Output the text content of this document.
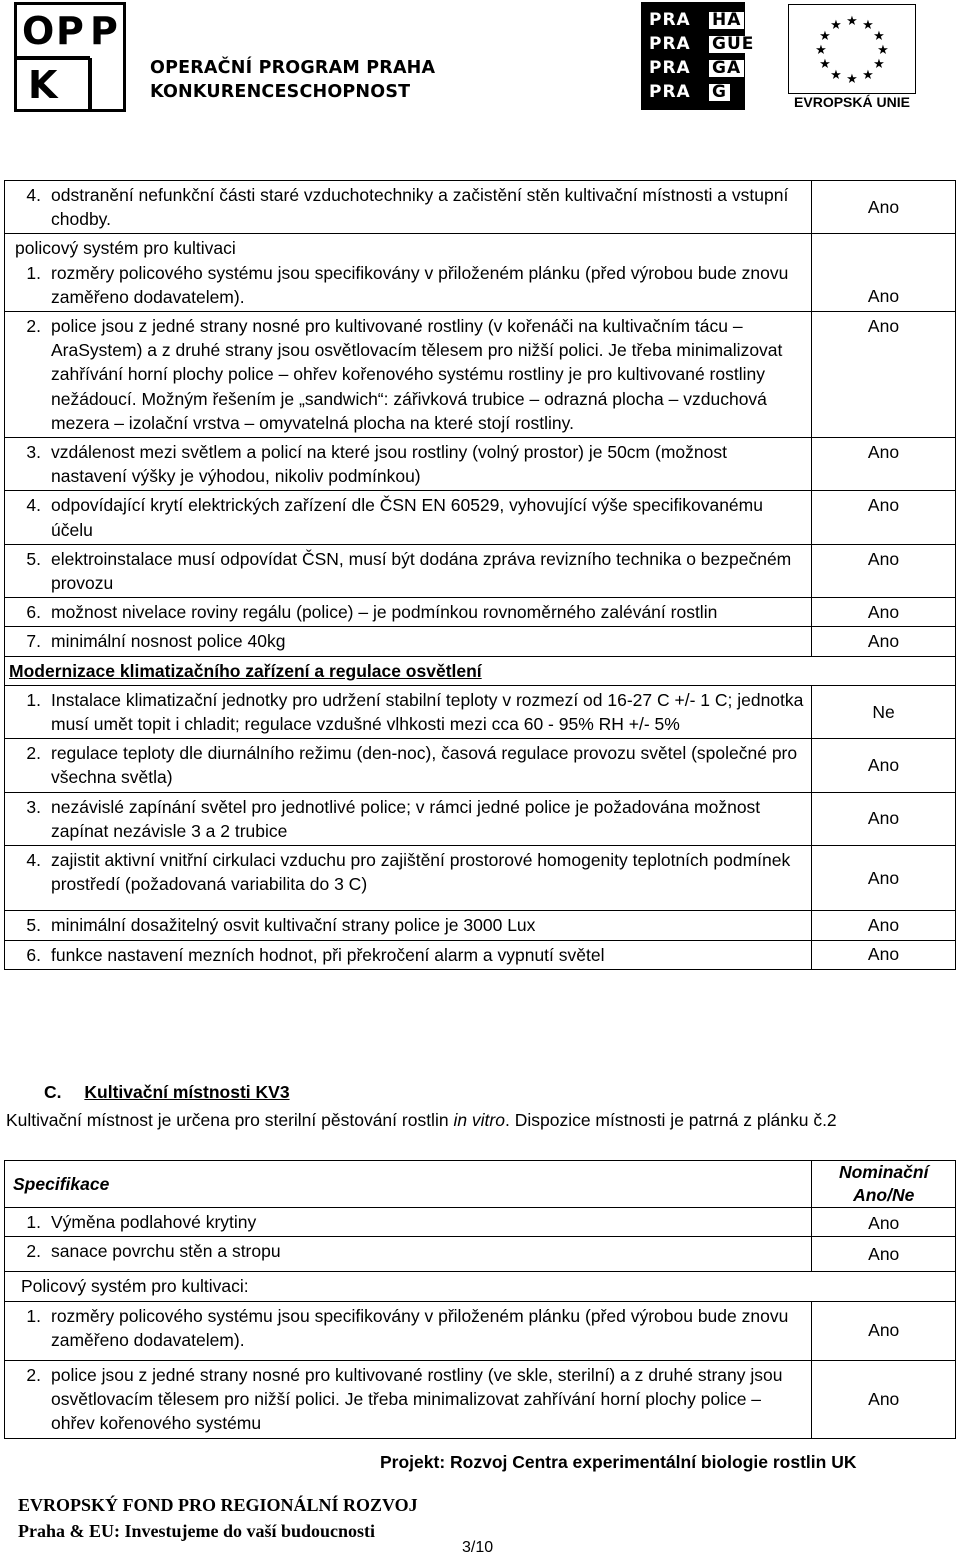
O P P
K	OPERAČNÍ PROGRAM PRAHA
KONKURENCESCHOPNOST
PRA HA
PRA GUE
PRA GA
PRA G
★ ★
★
★
★
★
★
★
★
★
★
★
EVROPSKÁ UNIE
4. odstranění nefunkční části staré vzduchotechniky a začistění stěn kultivační místnosti a vstupní chodby.	Ano

policový systém pro kultivaci
1. rozměry policového systému jsou specifikovány v přiloženém plánku (před výrobou bude znovu zaměřeno dodavatelem).	Ano

2. police jsou z jedné strany nosné pro kultivované rostliny (v kořenáči na kultivačním tácu – AraSystem) a z druhé strany jsou osvětlovacím tělesem pro nižší polici. Je třeba minimalizovat zahřívání horní plochy police – ohřev kořenového systému rostliny je pro kultivované rostliny nežádoucí. Možným řešením je „sandwich“: zářivková trubice – odrazná plocha – vzduchová mezera – izolační vrstva – omyvatelná plocha na které stojí rostliny.	Ano

3. vzdálenost mezi světlem a policí na které jsou rostliny (volný prostor) je 50cm (možnost nastavení výšky je výhodou, nikoliv podmínkou)	Ano

4. odpovídající krytí elektrických zařízení dle ČSN EN 60529, vyhovující výše specifikovanému účelu	Ano

5. elektroinstalace musí odpovídat ČSN, musí být dodána zpráva revizního technika o bezpečném provozu	Ano

6. možnost nivelace roviny regálu (police) – je podmínkou rovnoměrného zalévání rostlin	Ano

7. minimální nosnost police 40kg	Ano
Modernizace klimatizačního zařízení a regulace osvětlení	

1. Instalace klimatizační jednotky pro udržení stabilní teploty v rozmezí od 16-27 C +/- 1 C; jednotka musí umět topit i chladit; regulace vzdušné vlhkosti mezi cca 60 - 95% RH +/- 5%	Ne

2. regulace teploty dle diurnálního režimu (den-noc), časová regulace provozu světel (společné pro všechna světla)	Ano

3. nezávislé zapínání světel pro jednotlivé police; v rámci jedné police je požadována možnost zapínat nezávisle 3 a 2 trubice	Ano

4. zajistit aktivní vnitřní cirkulaci vzduchu pro zajištění prostorové homogenity teplotních podmínek prostředí (požadovaná variabilita do 3 C)	Ano

5. minimální dosažitelný osvit kultivační strany police je 3000 Lux	Ano

6. funkce nastavení mezních hodnot, při překročení alarm a vypnutí světel	Ano
C. Kultivační místnosti KV3
Kultivační místnost je určena pro sterilní pěstování rostlin in vitro. Dispozice místnosti je patrná z plánku č.2
Specifikace	Nominační
Ano/Ne

1. Výměna podlahové krytiny	Ano

2. sanace povrchu stěn a stropu	Ano
Policový systém pro kultivaci:	

1. rozměry policového systému jsou specifikovány v přiloženém plánku (před výrobou bude znovu zaměřeno dodavatelem).	Ano

2. police jsou z jedné strany nosné pro kultivované rostliny (ve skle, sterilní) a z druhé strany jsou osvětlovacím tělesem pro nižší polici. Je třeba minimalizovat zahřívání horní plochy police – ohřev kořenového systému	Ano
Projekt: Rozvoj Centra experimentální biologie rostlin UK
EVROPSKÝ FOND PRO REGIONÁLNÍ ROZVOJ
Praha & EU: Investujeme do vaší budoucnosti
3/10
